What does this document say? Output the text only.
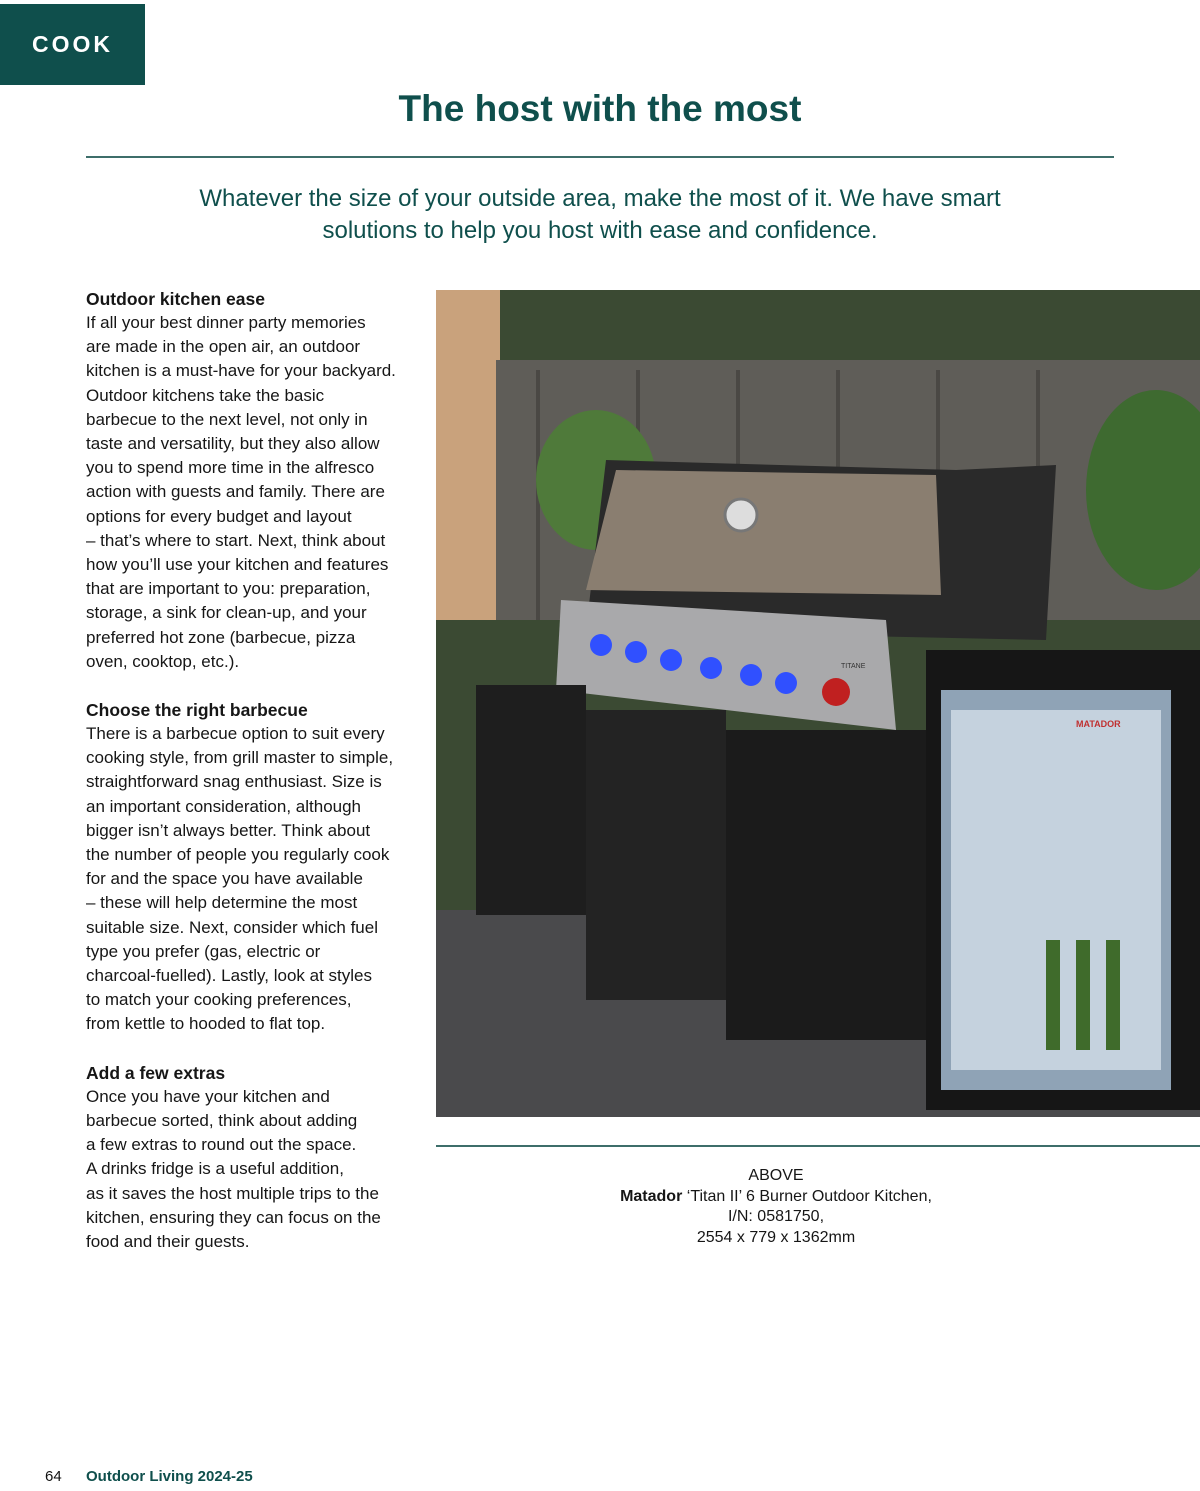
COOK
The host with the most
Whatever the size of your outside area, make the most of it. We have smart
solutions to help you host with ease and confidence.
Outdoor kitchen ease
If all your best dinner party memories
are made in the open air, an outdoor
kitchen is a must-have for your backyard.
Outdoor kitchens take the basic
barbecue to the next level, not only in
taste and versatility, but they also allow
you to spend more time in the alfresco
action with guests and family. There are
options for every budget and layout
– that’s where to start. Next, think about
how you’ll use your kitchen and features
that are important to you: preparation,
storage, a sink for clean-up, and your
preferred hot zone (barbecue, pizza
oven, cooktop, etc.).
Choose the right barbecue
There is a barbecue option to suit every
cooking style, from grill master to simple,
straightforward snag enthusiast. Size is
an important consideration, although
bigger isn’t always better. Think about
the number of people you regularly cook
for and the space you have available
– these will help determine the most
suitable size. Next, consider which fuel
type you prefer (gas, electric or
charcoal-fuelled). Lastly, look at styles
to match your cooking preferences,
from kettle to hooded to flat top.
Add a few extras
Once you have your kitchen and
barbecue sorted, think about adding
a few extras to round out the space.
A drinks fridge is a useful addition,
as it saves the host multiple trips to the
kitchen, ensuring they can focus on the
food and their guests.
TITANE
MATADOR
ABOVE
Matador ‘Titan II’ 6 Burner Outdoor Kitchen,
I/N: 0581750,
2554 x 779 x 1362mm
64 Outdoor Living 2024-25
